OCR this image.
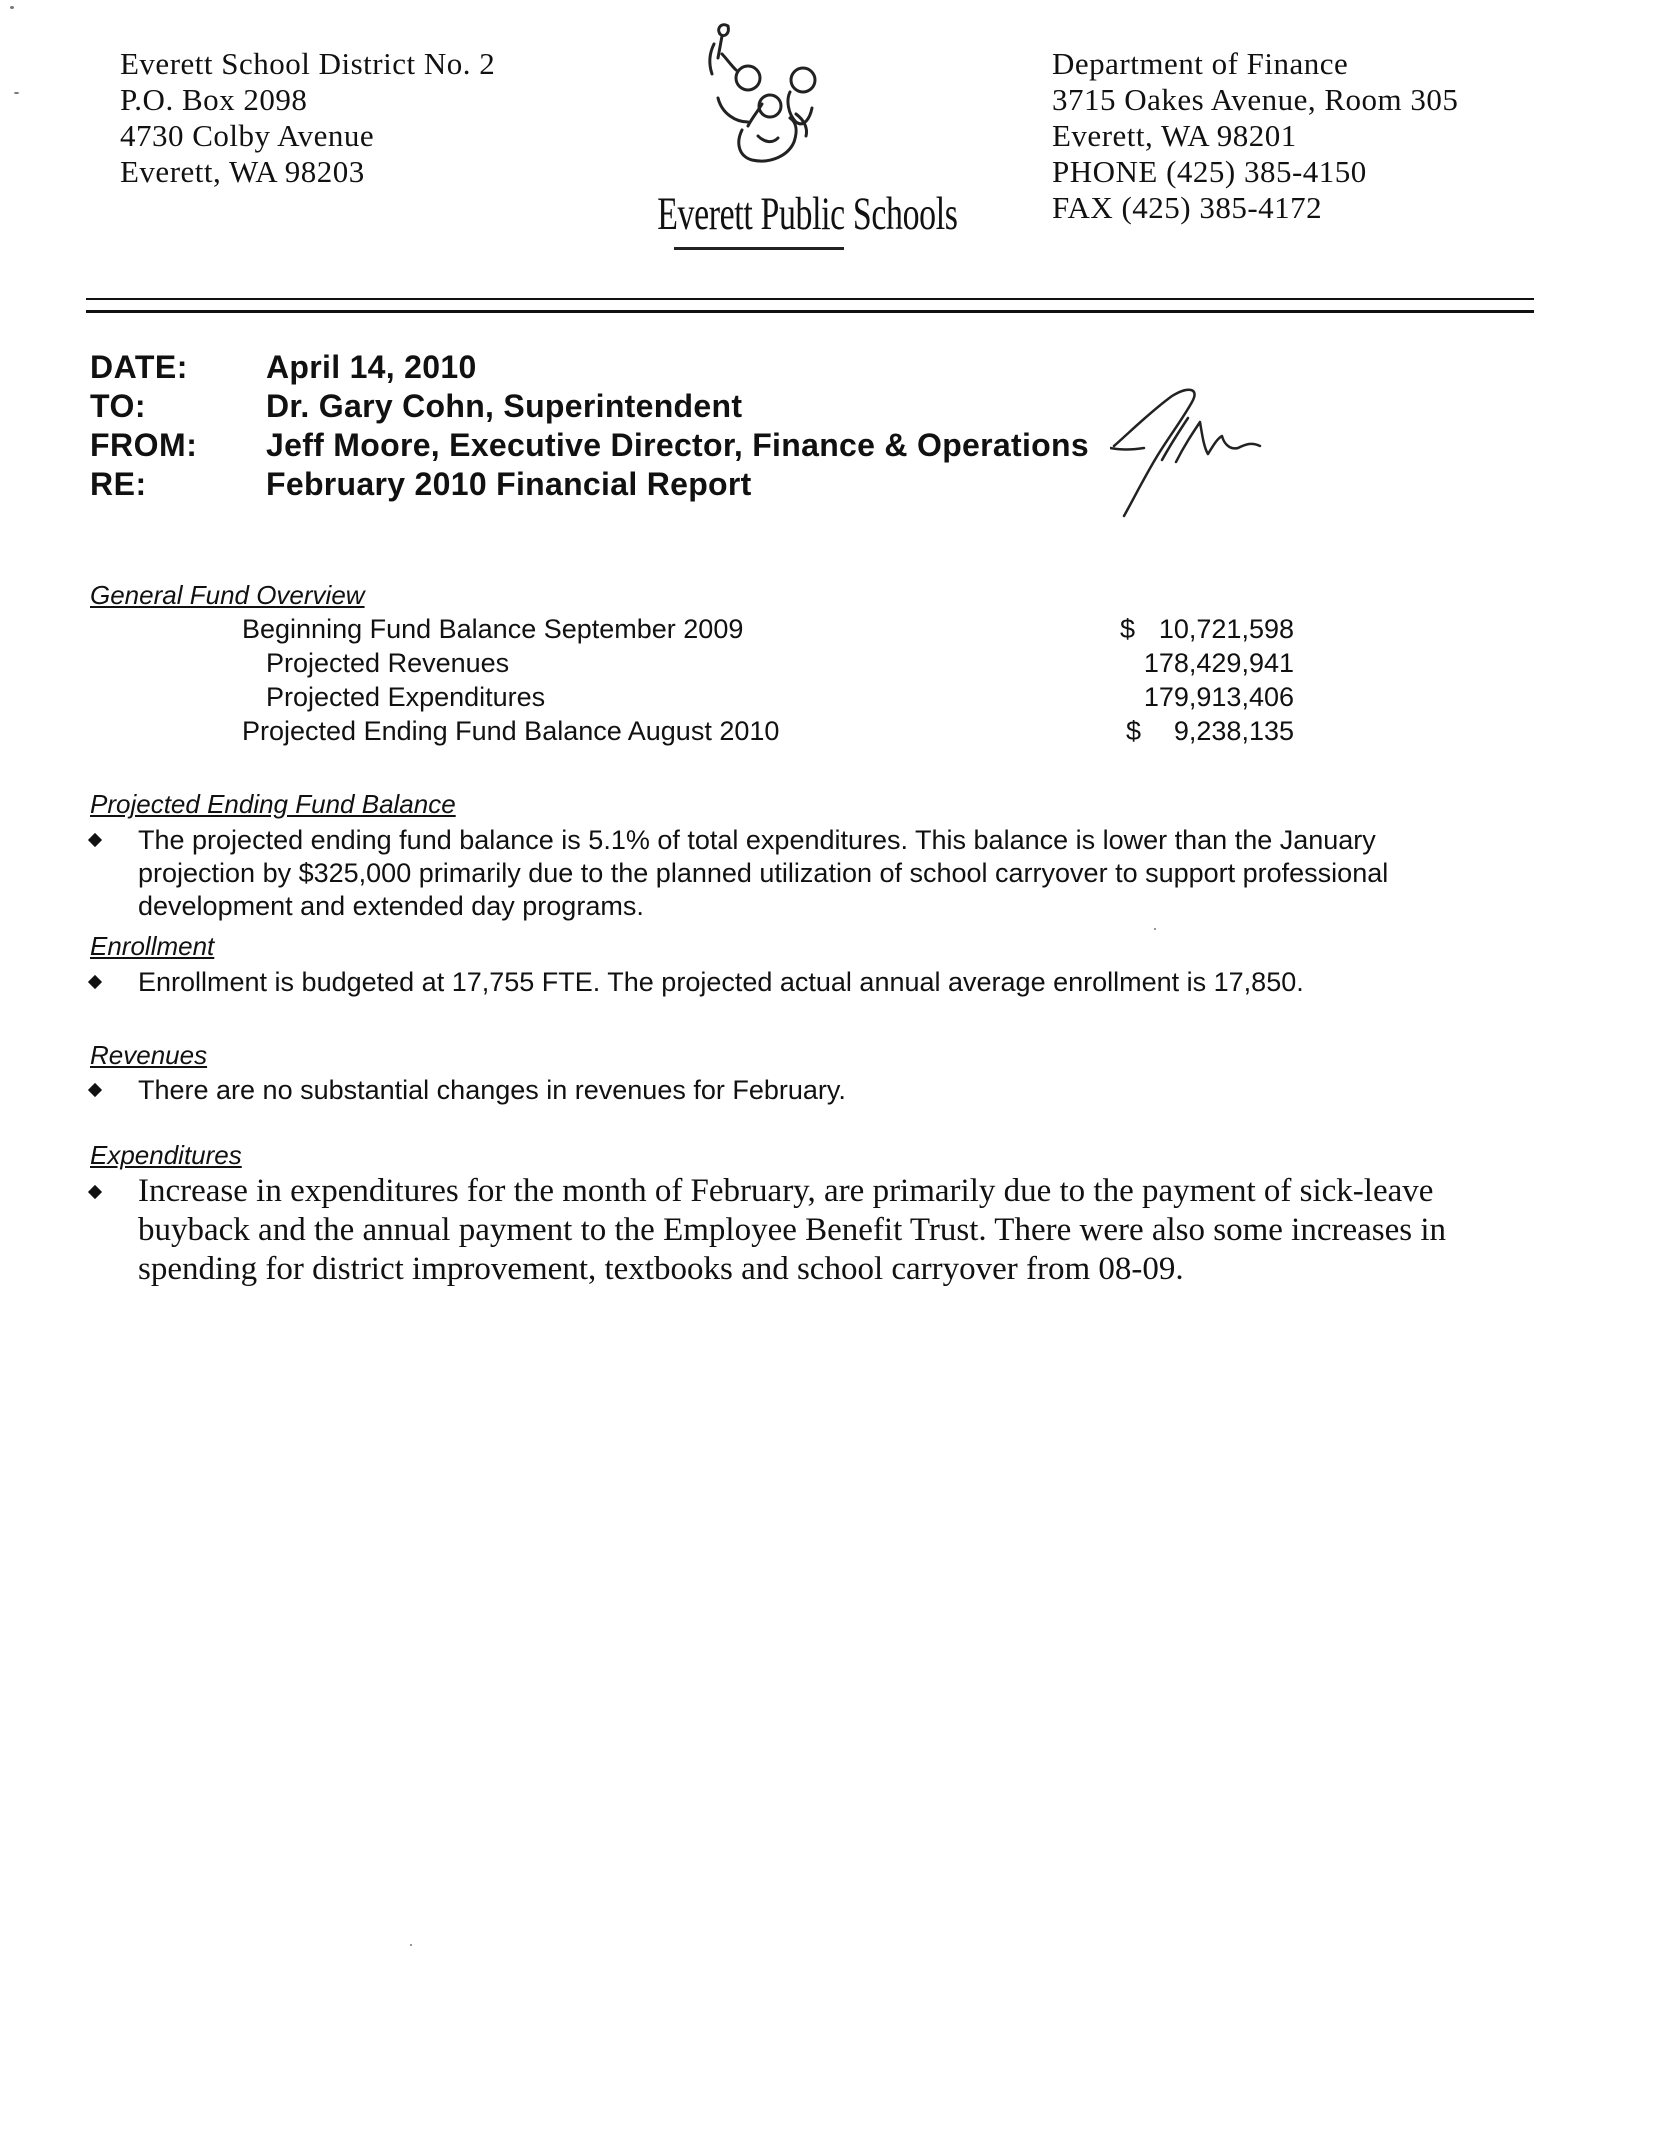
Everett School District No. 2
P.O. Box 2098
4730 Colby Avenue
Everett, WA 98203
Everett Public Schools
Department of Finance
3715 Oakes Avenue, Room 305
Everett, WA 98201
PHONE (425) 385-4150
FAX (425) 385-4172
DATE: April 14, 2010
TO:	Dr. Gary Cohn, Superintendent
FROM: Jeff Moore, Executive Director, Finance & Operations
RE:	February 2010 Financial Report
General Fund Overview
Beginning Fund Balance September 2009	$ 10,721,598
Projected Revenues	178,429,941
Projected Expenditures	179,913,406
Projected Ending Fund Balance August 2010	$ 9,238,135
Projected Ending Fund Balance
The projected ending fund balance is 5.1% of total expenditures. This balance is lower than the January
projection by $325,000 primarily due to the planned utilization of school carryover to support professional
development and extended day programs.
Enrollment
Enrollment is budgeted at 17,755 FTE. The projected actual annual average enrollment is 17,850.
Revenues
There are no substantial changes in revenues for February.
Expenditures
Increase in expenditures for the month of February, are primarily due to the payment of sick-leave
buyback and the annual payment to the Employee Benefit Trust. There were also some increases in
spending for district improvement, textbooks and school carryover from 08-09.
